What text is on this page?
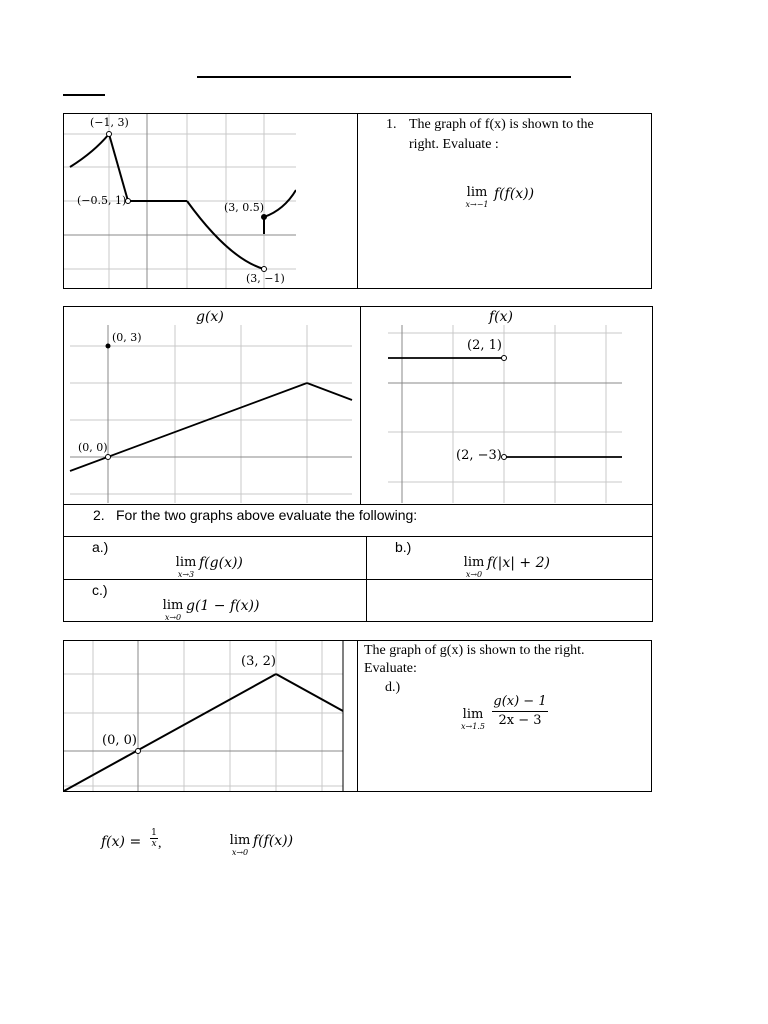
(−1, 3)
(−0.5, 1)
(3, 0.5)
(3, −1)
1. The graph of f(x) is shown to the
right. Evaluate :
lim
x→−1
f(f(x))
g(x)	f(x)
(0, 3)
(0, 0)
(2, 1)
(2, −3)
2. For the two graphs above evaluate the following:
a.)
lim
x→3
f(g(x))
b.)
lim
x→0
f(|x| + 2)
c.)
lim
x→0
g(1 − f(x))
(3, 2)
(0, 0)
The graph of g(x) is shown to the right.
Evaluate:
d.)
lim
x→1.5
g(x) − 1
2x − 3
f(x) =
1
x ,	lim
x→0
f(f(x))
